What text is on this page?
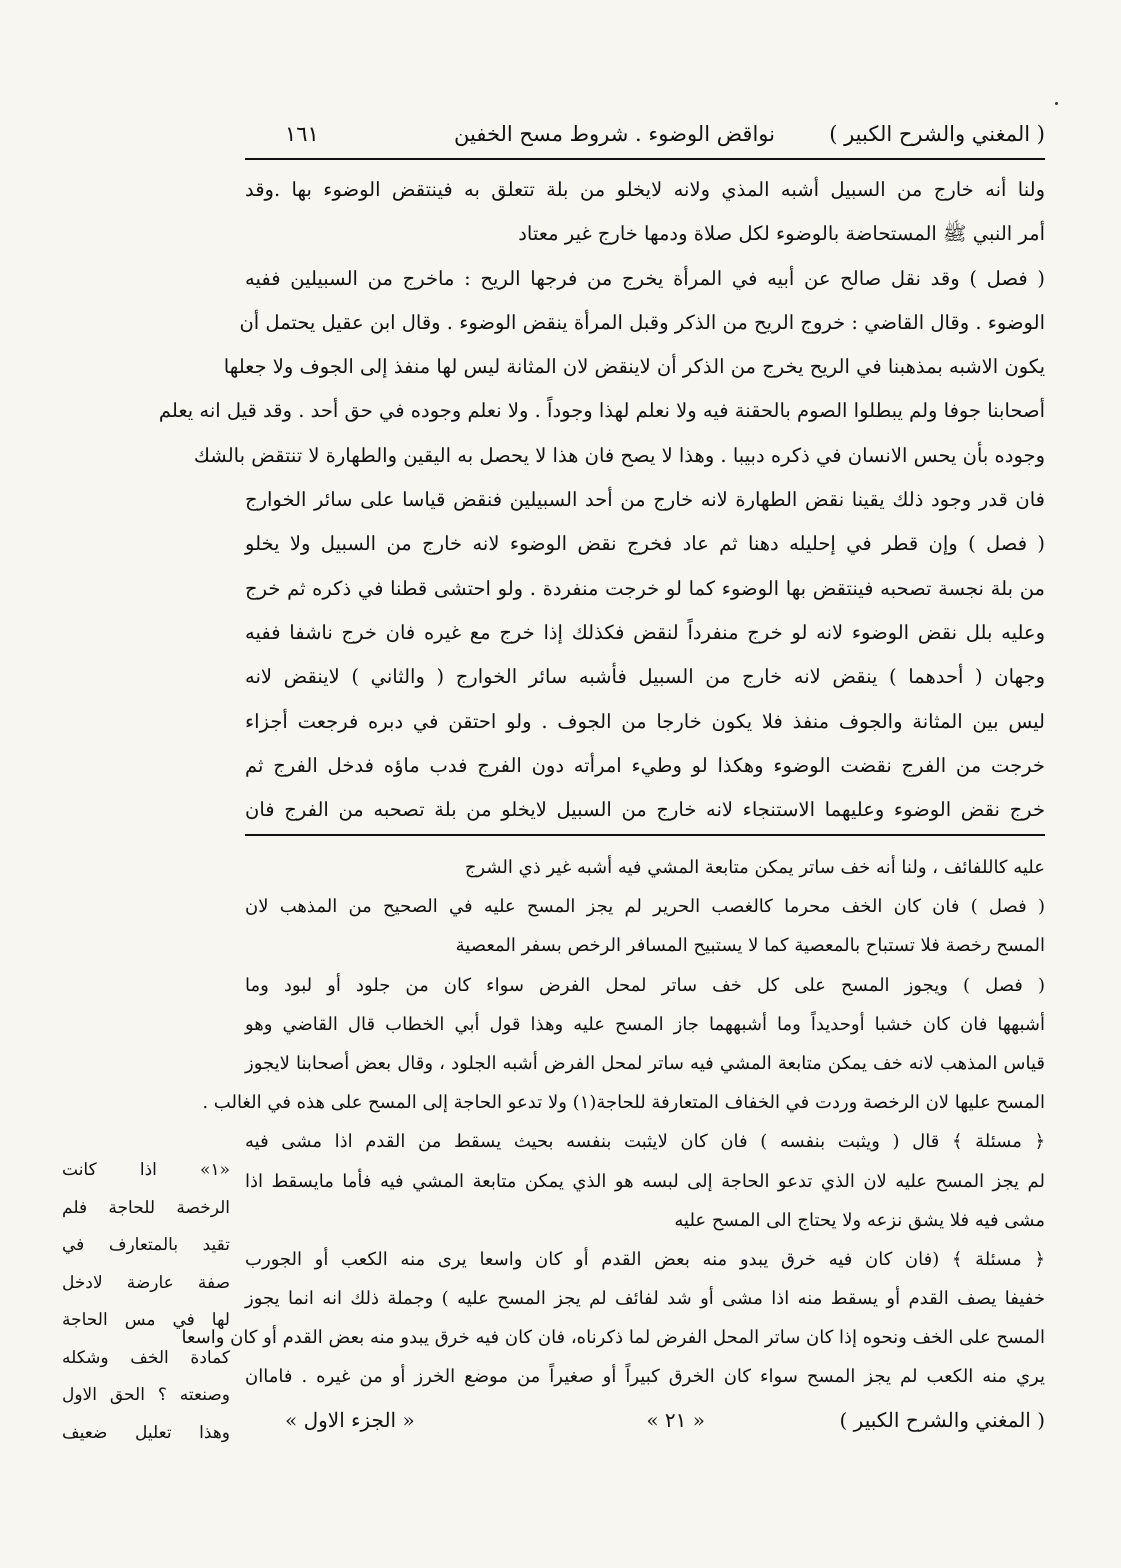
( المغني والشرح الكبير )
نواقض الوضوء . شروط مسح الخفين
١٦١
ولنا أنه خارج من السبيل أشبه المذي ولانه لايخلو من بلة تتعلق به فينتقض الوضوء بها .وقد
أمر النبي ﷺ المستحاضة بالوضوء لكل صلاة ودمها خارج غير معتاد
( فصل ) وقد نقل صالح عن أبيه في المرأة يخرج من فرجها الريح : ماخرج من السبيلين ففيه
الوضوء . وقال القاضي : خروج الريح من الذكر وقبل المرأة ينقض الوضوء . وقال ابن عقيل يحتمل أن
يكون الاشبه بمذهبنا في الريح يخرج من الذكر أن لاينقض لان المثانة ليس لها منفذ إلى الجوف ولا جعلها
أصحابنا جوفا ولم يبطلوا الصوم بالحقنة فيه ولا نعلم لهذا وجوداً . ولا نعلم وجوده في حق أحد . وقد قيل انه يعلم
وجوده بأن يحس الانسان في ذكره دبيبا . وهذا لا يصح فان هذا لا يحصل به اليقين والطهارة لا تنتقض بالشك
فان قدر وجود ذلك يقينا نقض الطهارة لانه خارج من أحد السبيلين فنقض قياسا على سائر الخوارج
( فصل ) وإن قطر في إحليله دهنا ثم عاد فخرج نقض الوضوء لانه خارج من السبيل ولا يخلو
من بلة نجسة تصحبه فينتقض بها الوضوء كما لو خرجت منفردة . ولو احتشى قطنا في ذكره ثم خرج
وعليه بلل نقض الوضوء لانه لو خرج منفرداً لنقض فكذلك إذا خرج مع غيره فان خرج ناشفا ففيه
وجهان ( أحدهما ) ينقض لانه خارج من السبيل فأشبه سائر الخوارج ( والثاني ) لاينقض لانه
ليس بين المثانة والجوف منفذ فلا يكون خارجا من الجوف . ولو احتقن في دبره فرجعت أجزاء
خرجت من الفرج نقضت الوضوء وهكذا لو وطيء امرأته دون الفرج فدب ماؤه فدخل الفرج ثم
خرج نقض الوضوء وعليهما الاستنجاء لانه خارج من السبيل لايخلو من بلة تصحبه من الفرج فان
عليه كاللفائف ، ولنا أنه خف ساتر يمكن متابعة المشي فيه أشبه غير ذي الشرج
( فصل ) فان كان الخف محرما كالغصب الحرير لم يجز المسح عليه في الصحيح من المذهب لان
المسح رخصة فلا تستباح بالمعصية كما لا يستبيح المسافر الرخص بسفر المعصية
( فصل ) ويجوز المسح على كل خف ساتر لمحل الفرض سواء كان من جلود أو لبود وما
أشبهها فان كان خشبا أوحديداً وما أشبههما جاز المسح عليه وهذا قول أبي الخطاب قال القاضي وهو
قياس المذهب لانه خف يمكن متابعة المشي فيه ساتر لمحل الفرض أشبه الجلود ، وقال بعض أصحابنا لايجوز
المسح عليها لان الرخصة وردت في الخفاف المتعارفة للحاجة(١) ولا تدعو الحاجة إلى المسح على هذه في الغالب .
﴿ مسئلة ﴾ قال ( ويثبت بنفسه ) فان كان لايثبت بنفسه بحيث يسقط من القدم اذا مشى فيه
لم يجز المسح عليه لان الذي تدعو الحاجة إلى لبسه هو الذي يمكن متابعة المشي فيه فأما مايسقط اذا
مشى فيه فلا يشق نزعه ولا يحتاج الى المسح عليه
﴿ مسئلة ﴾ (فان كان فيه خرق يبدو منه بعض القدم أو كان واسعا يرى منه الكعب أو الجورب
خفيفا يصف القدم أو يسقط منه اذا مشى أو شد لفائف لم يجز المسح عليه ) وجملة ذلك انه انما يجوز
المسح على الخف ونحوه إذا كان ساتر المحل الفرض لما ذكرناه، فان كان فيه خرق يبدو منه بعض القدم أو كان واسعا
يري منه الكعب لم يجز المسح سواء كان الخرق كبيراً أو صغيراً من موضع الخرز أو من غيره . فاماان
«١» اذا كانت
الرخصة للحاجة فلم
تقيد بالمتعارف في
صفة عارضة لادخل
لها في مس الحاجة
كمادة الخف وشكله
وصنعته ؟ الحق الاول
وهذا تعليل ضعيف
( المغني والشرح الكبير )
« ٢١ »
« الجزء الاول »
